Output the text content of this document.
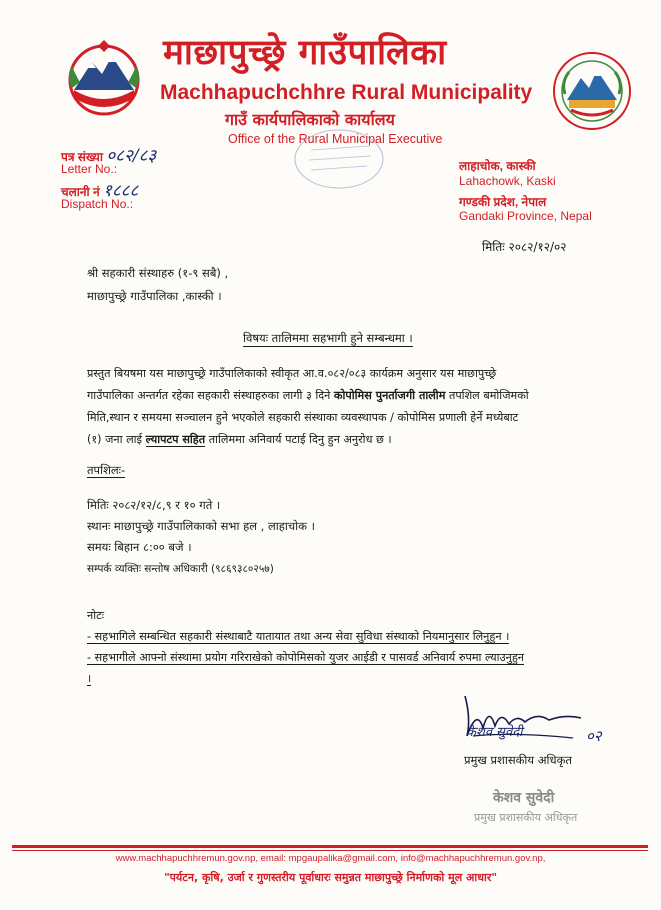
माछापुच्छ्रे गाउँपालिका
Machhapuchchhre Rural Municipality
गाउँ कार्यपालिकाको कार्यालय
Office of the Rural Municipal Executive
पत्र संख्या ०८२/८३
Letter No.:
चलानी नं १८८८
Dispatch No.:
लाहाचोक, कास्की
Lahachowk, Kaski
गण्डकी प्रदेश, नेपाल
Gandaki Province, Nepal
मितिः २०८२/१२/०२
श्री सहकारी संस्थाहरु (१-९ सबै) ,
माछापुच्छ्रे गाउँपालिका ,कास्की ।
विषयः तालिममा सहभागी हुने सम्बन्धमा ।
प्रस्तुत बियषमा यस माछापुच्छ्रे गाउँपालिकाको स्वीकृत आ.व.०८२/०८३ कार्यक्रम अनुसार यस माछापुच्छ्रे
गाउँपालिका अन्तर्गत रहेका सहकारी संस्थाहरुका लागी ३ दिने कोपोमिस पुनर्ताजगी तालीम तपशिल बमोजिमको
मिति,स्थान र समयमा सञ्चालन हुने भएकोले सहकारी संस्थाका व्यवस्थापक / कोपोमिस प्रणाली हेर्ने मध्येबाट
(१) जना लाई ल्यापटप सहित तालिममा अनिवार्य पटाई दिनु हुन अनुरोध छ ।
तपशिलः-
मितिः २०८२/१२/८,९ र १० गते ।
स्थानः माछापुच्छ्रे गाउँपालिकाको सभा हल , लाहाचोक ।
समयः बिहान ८:०० बजे ।
सम्पर्क व्यक्तिः सन्तोष अधिकारी (९८६९३८०२५७)
नोटः
- सहभागिले सम्बन्धित सहकारी संस्थाबाटै यातायात तथा अन्य सेवा सुविधा संस्थाको नियमानुसार लिनुहुन ।
- सहभागीले आफ्नो संस्थामा प्रयोग गरिराखेको कोपोमिसको युजर आईडी र पासवर्ड अनिवार्य रुपमा ल्याउनुहुन
।
केशव सुवेदी	०२
प्रमुख प्रशासकीय अधिकृत
केशव सुवेदी
प्रमुख प्रशासकीय अधिकृत
www.machhapuchhremun.gov.np, email: mpgaupalika@gmail.com, info@machhapuchhremun.gov.np,
"पर्यटन, कृषि, उर्जा र गुणस्तरीय पूर्वाधारः समुन्नत माछापुच्छ्रे निर्माणको मूल आधार"
